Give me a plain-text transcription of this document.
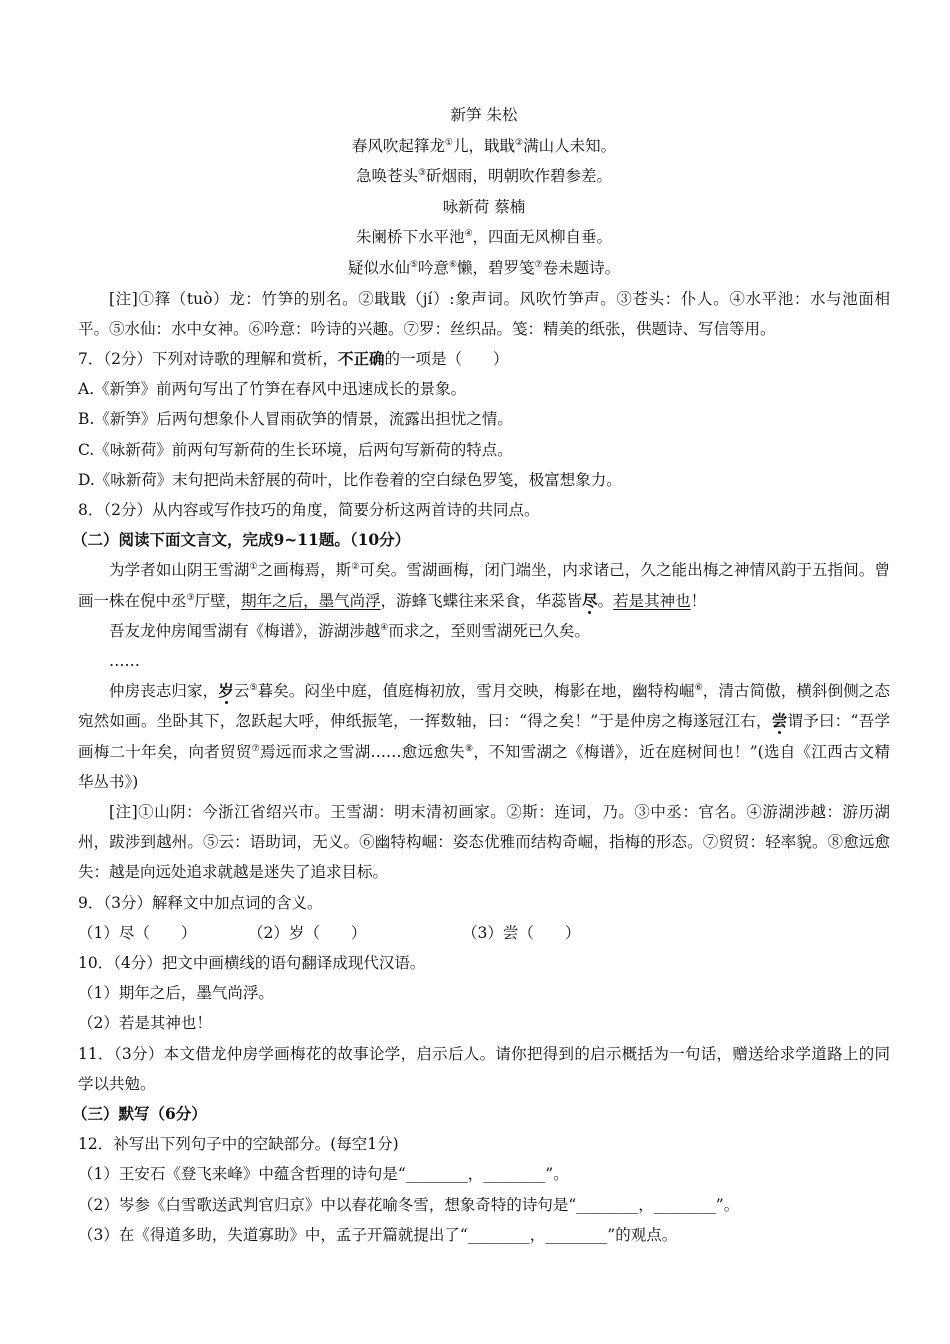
新笋 朱松

春风吹起箨龙①儿，戢戢②满山人未知。

急唤苍头③斫烟雨，明朝吹作碧参差。

咏新荷 蔡楠

朱阑桥下水平池④，四面无风柳自垂。

疑似水仙⑤吟意⑥懒，碧罗笺⑦卷未题诗。

[注]①箨（tuò）龙：竹笋的别名。②戢戢（jí）:象声词。风吹竹笋声。③苍头：仆人。④水平池：水与池面相平。⑤水仙：水中女神。⑥吟意：吟诗的兴趣。⑦罗：丝织品。笺：精美的纸张，供题诗、写信等用。

7．（2分）下列对诗歌的理解和赏析，不正确的一项是（　　）

A.《新笋》前两句写出了竹笋在春风中迅速成长的景象。

B.《新笋》后两句想象仆人冒雨砍笋的情景，流露出担忧之情。

C.《咏新荷》前两句写新荷的生长环境，后两句写新荷的特点。

D.《咏新荷》末句把尚未舒展的荷叶，比作卷着的空白绿色罗笺，极富想象力。

8．（2分）从内容或写作技巧的角度，简要分析这两首诗的共同点。

（二）阅读下面文言文，完成9~11题。（10分）

为学者如山阴王雪湖①之画梅焉，斯②可矣。雪湖画梅，闭门端坐，内求诸己，久之能出梅之神情风韵于五指间。曾画一株在倪中丞③厅壁，期年之后，墨气尚浮，游蜂飞蝶往来采食，华蕊皆尽。若是其神也！

吾友龙仲房闻雪湖有《梅谱》，游湖涉越④而求之，至则雪湖死已久矣。

……

仲房丧志归家，岁云⑤暮矣。闷坐中庭，值庭梅初放，雪月交映，梅影在地，幽特构崛⑥，清古简傲，横斜倒侧之态宛然如画。坐卧其下，忽跃起大呼，伸纸振笔，一挥数轴，曰：“得之矣！”于是仲房之梅遂冠江右，尝谓予曰：“吾学画梅二十年矣，向者贸贸⑦焉远而求之雪湖……愈远愈失⑧，不知雪湖之《梅谱》，近在庭树间也！”(选自《江西古文精华丛书》)

[注]①山阴：今浙江省绍兴市。王雪湖：明末清初画家。②斯：连词，乃。③中丞：官名。④游湖涉越：游历湖州，跋涉到越州。⑤云：语助词，无义。⑥幽特构崛：姿态优雅而结构奇崛，指梅的形态。⑦贸贸：轻率貌。⑧愈远愈失：越是向远处追求就越是迷失了追求目标。

9．（3分）解释文中加点词的含义。

（1）尽（　　）	（2）岁（　　）	（3）尝（　　）

10．（4分）把文中画横线的语句翻译成现代汉语。

（1）期年之后，墨气尚浮。

（2）若是其神也！

11．（3分）本文借龙仲房学画梅花的故事论学，启示后人。请你把得到的启示概括为一句话，赠送给求学道路上的同学以共勉。

（三）默写（6分）

12．补写出下列句子中的空缺部分。(每空1分)

（1）王安石《登飞来峰》中蕴含哲理的诗句是“________，________”。

（2）岑参《白雪歌送武判官归京》中以春花喻冬雪，想象奇特的诗句是“________，________”。

（3）在《得道多助，失道寡助》中，孟子开篇就提出了“________，________”的观点。
